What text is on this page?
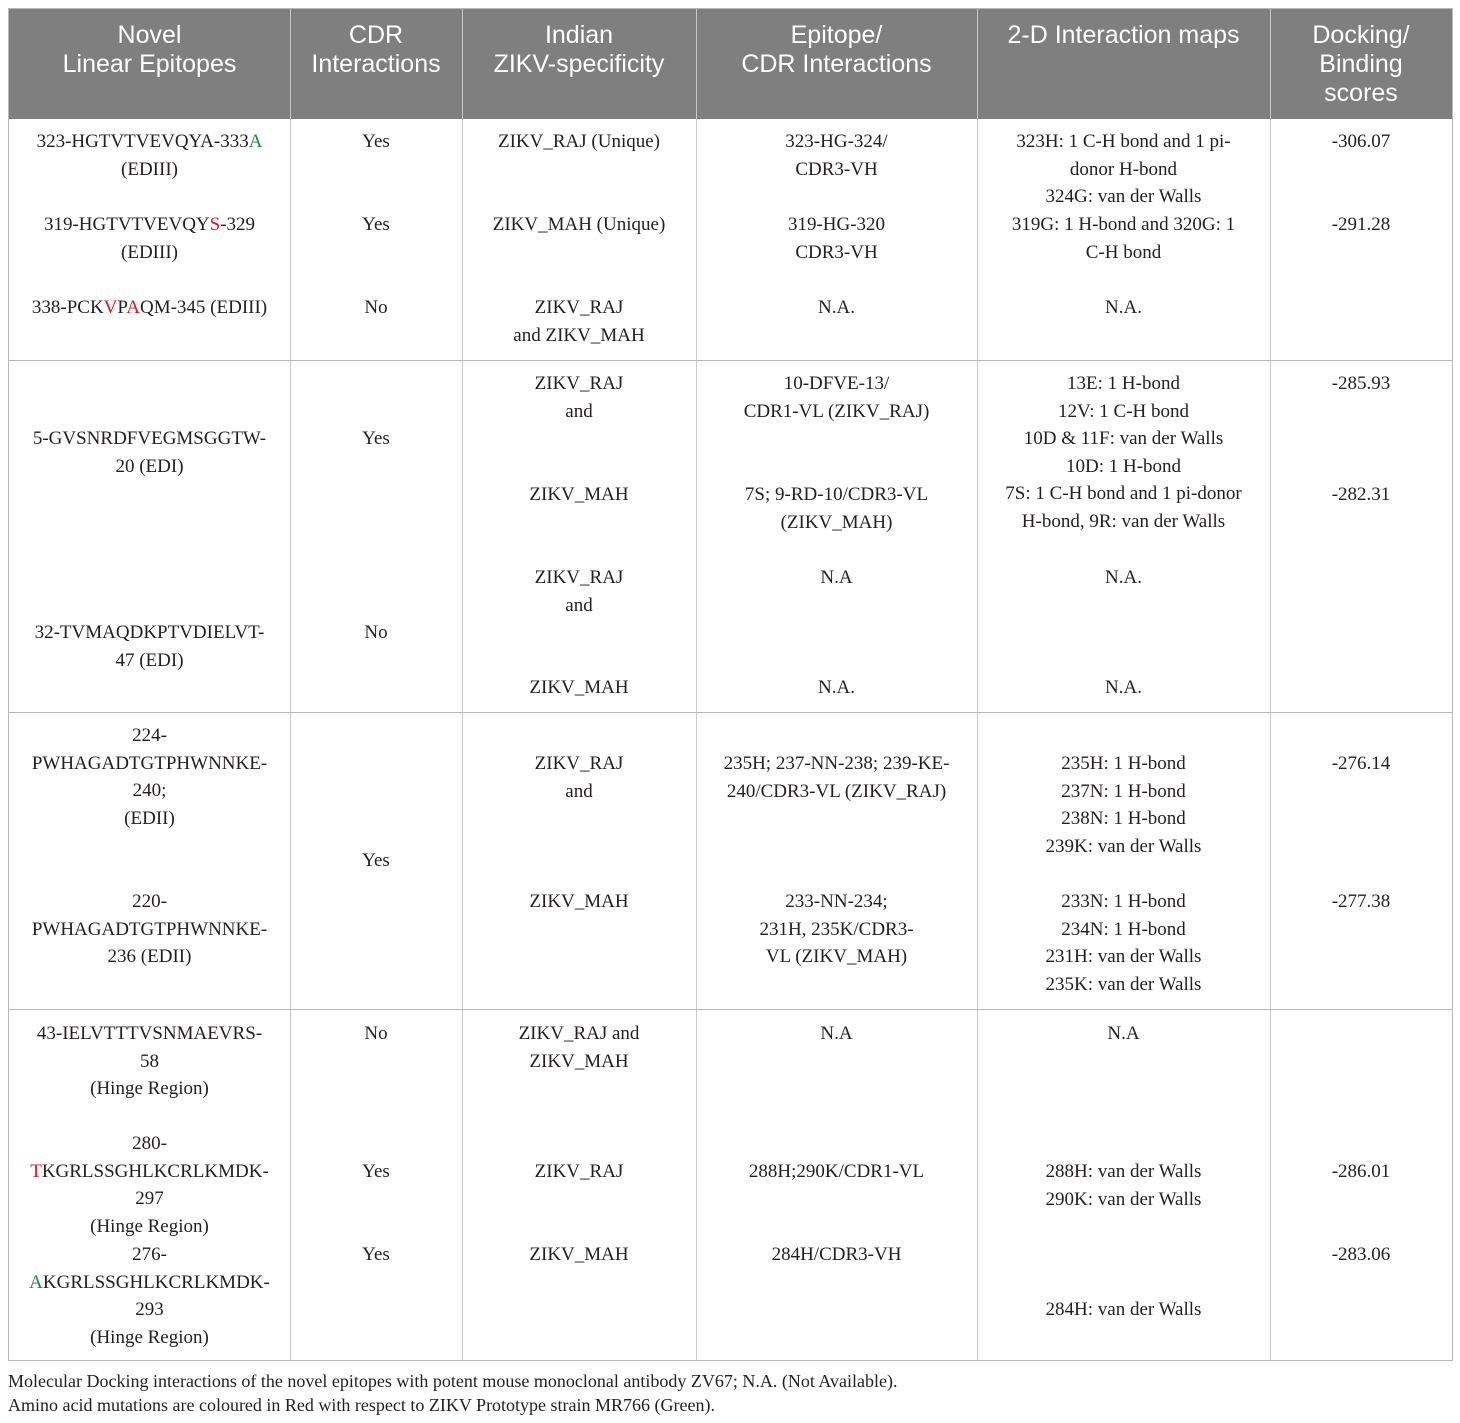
Novel
Linear Epitopes
CDR
Interactions
Indian
ZIKV-specificity
Epitope/
CDR Interactions
2-D Interaction maps	Docking/
Binding
scores
323-HGTVTVEVQYA-333A
(EDIII)
319-HGTVTVEVQYS-329
(EDIII)
338-PCKVPAQM-345 (EDIII)
Yes
Yes
No
ZIKV_RAJ (Unique)
ZIKV_MAH (Unique)
ZIKV_RAJ
and ZIKV_MAH
323-HG-324/
CDR3-VH
319-HG-320
CDR3-VH
N.A.
323H: 1 C-H bond and 1 pi-
donor H-bond
324G: van der Walls
319G: 1 H-bond and 320G: 1
C-H bond
N.A.
-306.07
-291.28
5-GVSNRDFVEGMSGGTW-
20 (EDI)
32-TVMAQDKPTVDIELVT-
47 (EDI)
Yes
No
ZIKV_RAJ
and
ZIKV_MAH
ZIKV_RAJ
and
ZIKV_MAH
10-DFVE-13/
CDR1-VL (ZIKV_RAJ)
7S; 9-RD-10/CDR3-VL
(ZIKV_MAH)
N.A
N.A.
13E: 1 H-bond
12V: 1 C-H bond
10D & 11F: van der Walls
10D: 1 H-bond
7S: 1 C-H bond and 1 pi-donor
H-bond, 9R: van der Walls
N.A.
N.A.
-285.93
-282.31
224-
PWHAGADTGTPHWNNKE-
240;
(EDII)
220-
PWHAGADTGTPHWNNKE-
236 (EDII)
Yes
ZIKV_RAJ
and
ZIKV_MAH
235H; 237-NN-238; 239-KE-
240/CDR3-VL (ZIKV_RAJ)
233-NN-234;
231H, 235K/CDR3-
VL (ZIKV_MAH)
235H: 1 H-bond
237N: 1 H-bond
238N: 1 H-bond
239K: van der Walls
233N: 1 H-bond
234N: 1 H-bond
231H: van der Walls
235K: van der Walls
-276.14
-277.38
43-IELVTTTVSNMAEVRS-
58
(Hinge Region)
280-
TKGRLSSGHLKCRLKMDK-
297
(Hinge Region)
276-
AKGRLSSGHLKCRLKMDK-
293
(Hinge Region)
No
Yes
Yes
ZIKV_RAJ and
ZIKV_MAH
ZIKV_RAJ
ZIKV_MAH
N.A
288H;290K/CDR1-VL
284H/CDR3-VH
N.A
288H: van der Walls
290K: van der Walls
284H: van der Walls
-286.01
-283.06
Molecular Docking interactions of the novel epitopes with potent mouse monoclonal antibody ZV67; N.A. (Not Available).
Amino acid mutations are coloured in Red with respect to ZIKV Prototype strain MR766 (Green).
